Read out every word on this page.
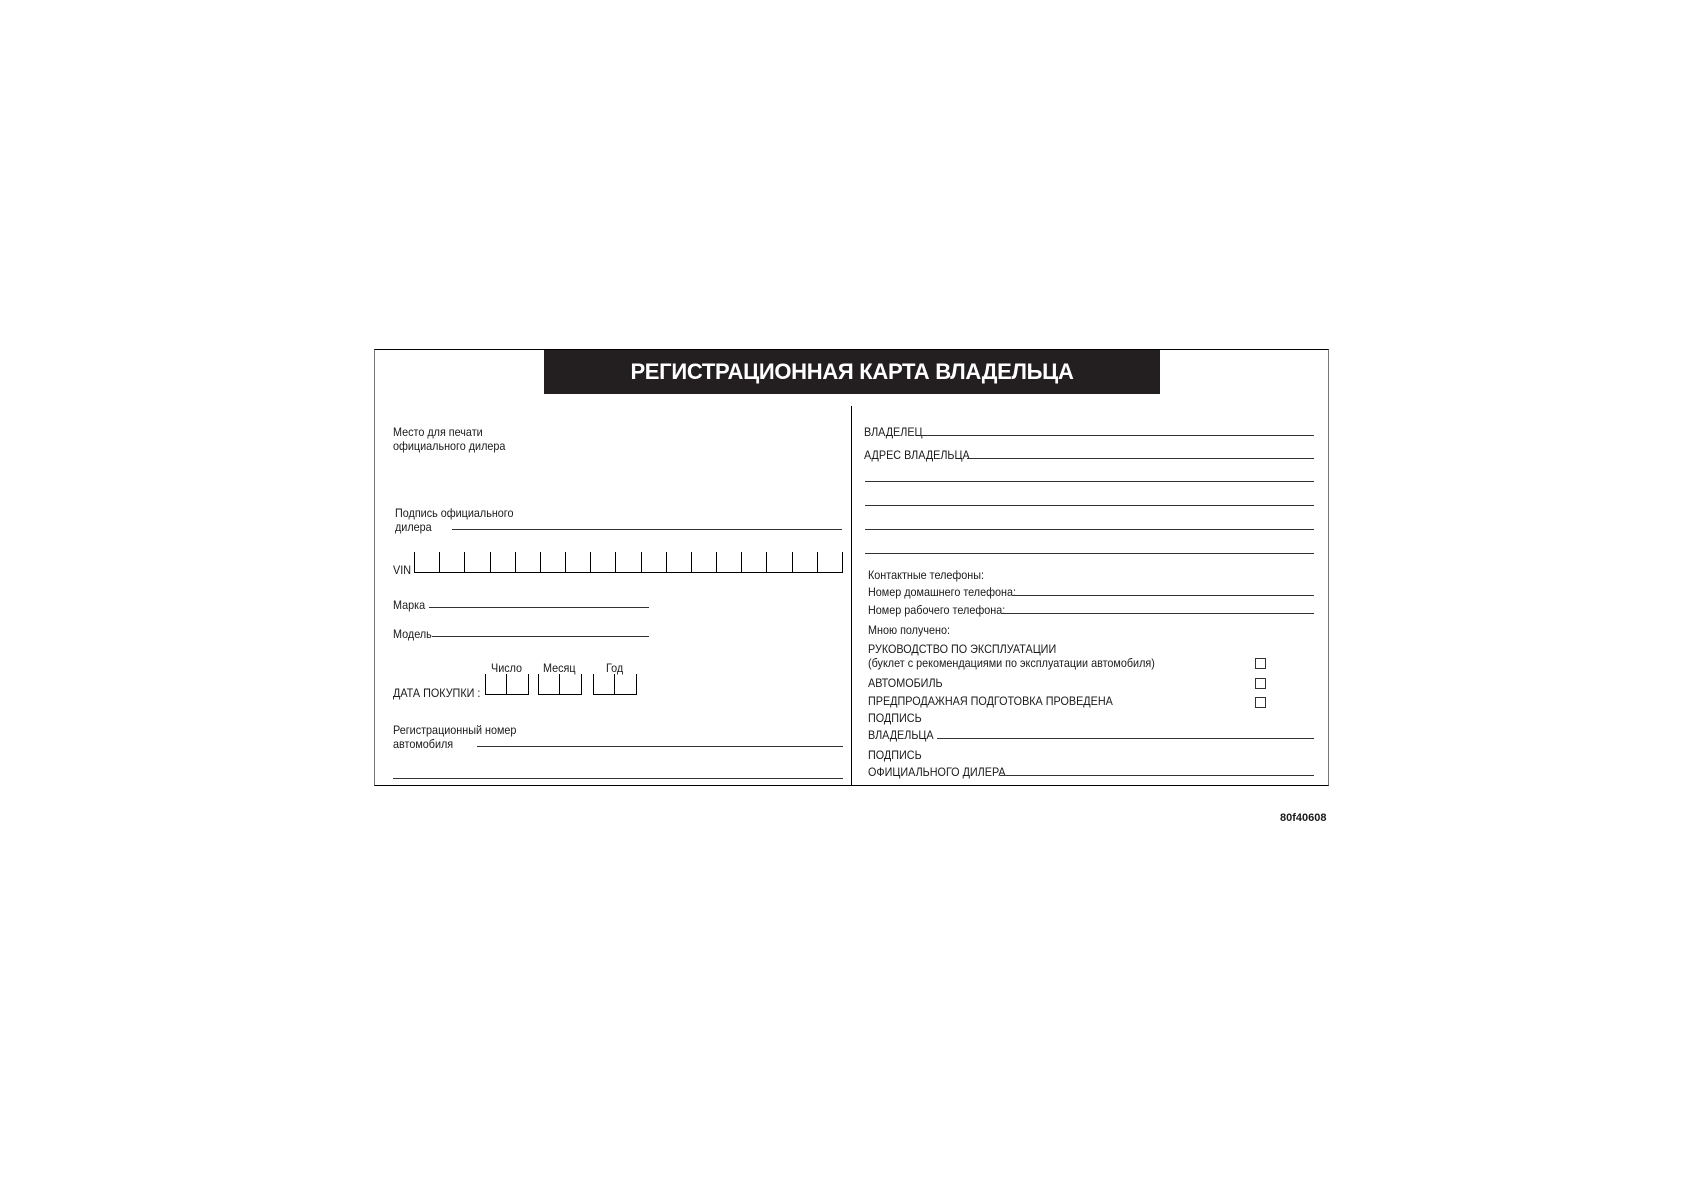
РЕГИСТРАЦИОННАЯ КАРТА ВЛАДЕЛЬЦА
Место для печати
официального дилера
Подпись официального
дилера
VIN
Марка
Модель
Число Месяц	Год
ДАТА ПОКУПКИ :
Регистрационный номер
автомобиля
ВЛАДЕЛЕЦ
АДРЕС ВЛАДЕЛЬЦА
Контактные телефоны:
Номер домашнего телефона:
Номер рабочего телефона:
Мною получено:
РУКОВОДСТВО ПО ЭКСПЛУАТАЦИИ
(буклет с рекомендациями по эксплуатации автомобиля)
АВТОМОБИЛЬ
ПРЕДПРОДАЖНАЯ ПОДГОТОВКА ПРОВЕДЕНА
ПОДПИСЬ
ВЛАДЕЛЬЦА
ПОДПИСЬ
ОФИЦИАЛЬНОГО ДИЛЕРА
80f40608
